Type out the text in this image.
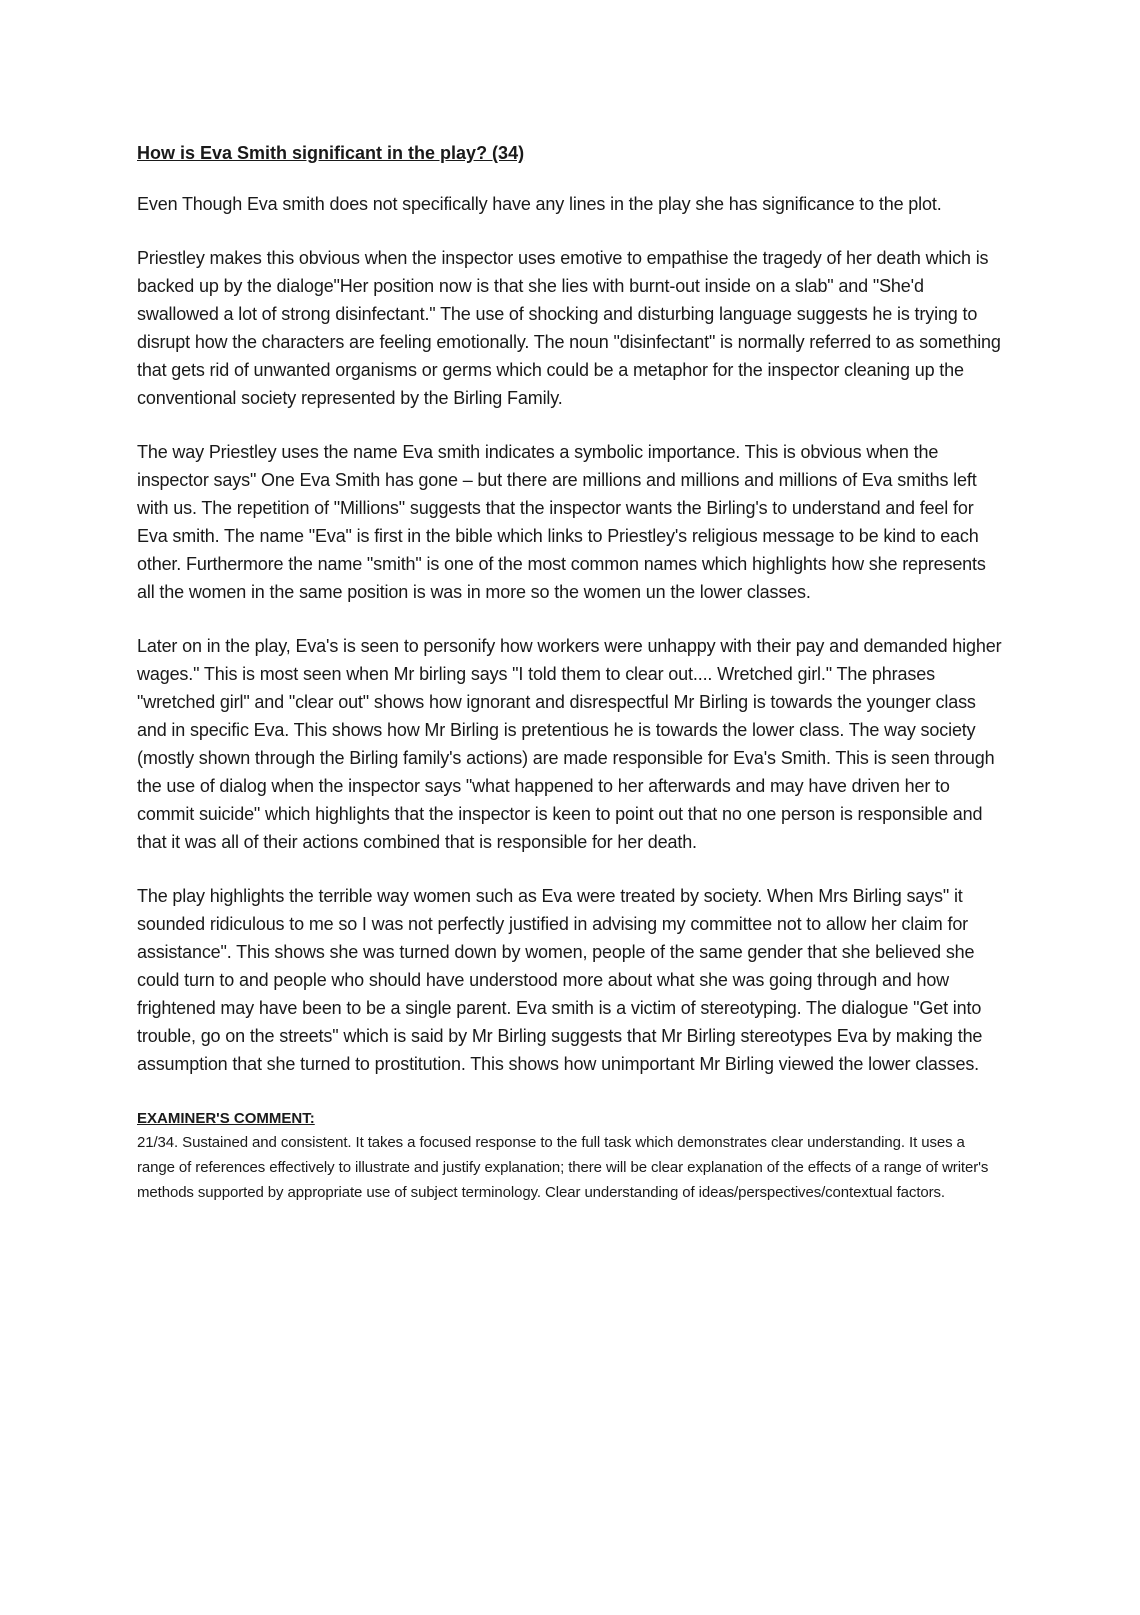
How is Eva Smith significant in the play? (34)

Even Though Eva smith does not specifically have any lines in the play she has significance to the plot.

Priestley makes this obvious when the inspector uses emotive to empathise the tragedy of her death which is backed up by the dialoge"Her position now is that she lies with burnt-out inside on a slab" and "She'd swallowed a lot of strong disinfectant." The use of shocking and disturbing language suggests he is trying to disrupt how the characters are feeling emotionally. The noun "disinfectant" is normally referred to as something that gets rid of unwanted organisms or germs which could be a metaphor for the inspector cleaning up the conventional society represented by the Birling Family.

The way Priestley uses the name Eva smith indicates a symbolic importance. This is obvious when the inspector says" One Eva Smith has gone – but there are millions and millions and millions of Eva smiths left with us. The repetition of "Millions" suggests that the inspector wants the Birling's to understand and feel for Eva smith. The name "Eva" is first in the bible which links to Priestley's religious message to be kind to each other. Furthermore the name "smith" is one of the most common names which highlights how she represents all the women in the same position is was in more so the women un the lower classes.

Later on in the play, Eva's is seen to personify how workers were unhappy with their pay and demanded higher wages." This is most seen when Mr birling says "I told them to clear out.... Wretched girl." The phrases "wretched girl" and "clear out" shows how ignorant and disrespectful Mr Birling is towards the younger class and in specific Eva. This shows how Mr Birling is pretentious he is towards the lower class. The way society (mostly shown through the Birling family's actions) are made responsible for Eva's Smith. This is seen through the use of dialog when the inspector says "what happened to her afterwards and may have driven her to commit suicide" which highlights that the inspector is keen to point out that no one person is responsible and that it was all of their actions combined that is responsible for her death.

The play highlights the terrible way women such as Eva were treated by society. When Mrs Birling says" it sounded ridiculous to me so I was not perfectly justified in advising my committee not to allow her claim for assistance". This shows she was turned down by women, people of the same gender that she believed she could turn to and people who should have understood more about what she was going through and how frightened may have been to be a single parent. Eva smith is a victim of stereotyping. The dialogue "Get into trouble, go on the streets" which is said by Mr Birling suggests that Mr Birling stereotypes Eva by making the assumption that she turned to prostitution. This shows how unimportant Mr Birling viewed the lower classes.

EXAMINER'S COMMENT:

21/34. Sustained and consistent. It takes a focused response to the full task which demonstrates clear understanding. It uses a range of references effectively to illustrate and justify explanation; there will be clear explanation of the effects of a range of writer's methods supported by appropriate use of subject terminology. Clear understanding of ideas/perspectives/contextual factors.
